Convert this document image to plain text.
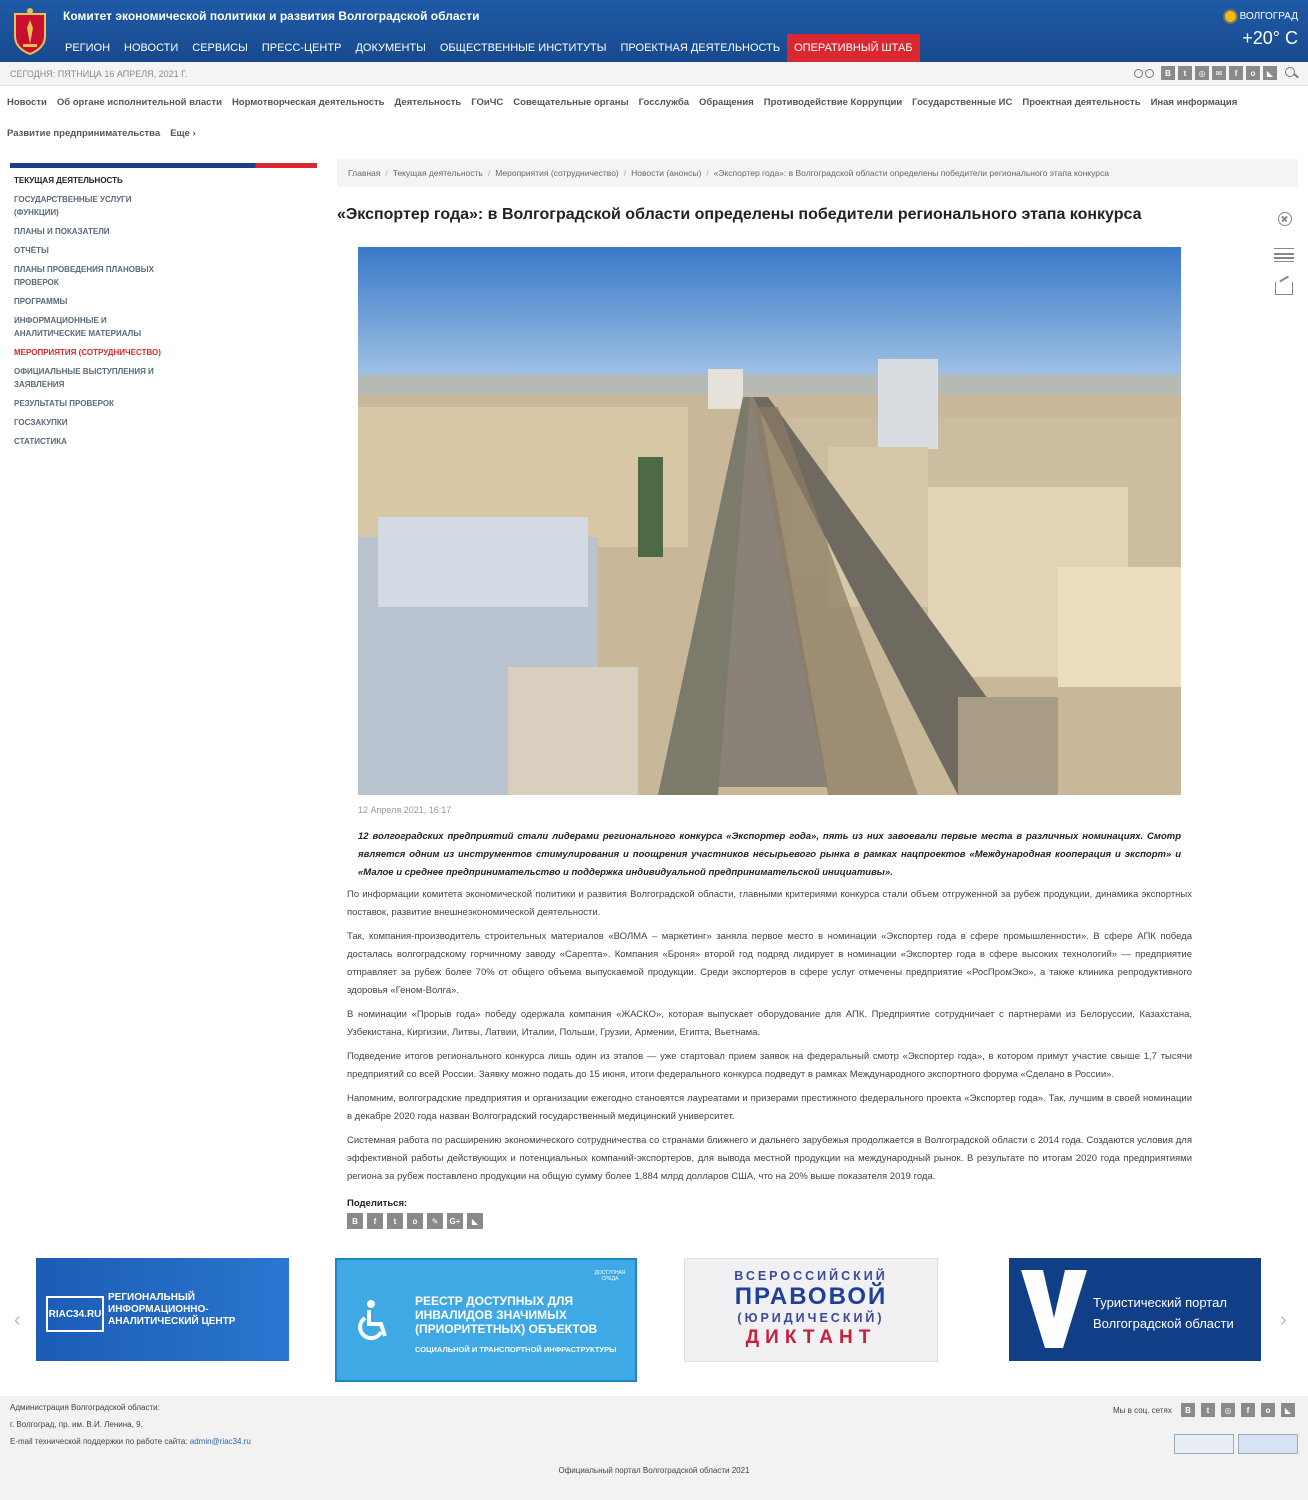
Комитет экономической политики и развития Волгоградской области
РЕГИОН	НОВОСТИ	СЕРВИСЫ	ПРЕСС-ЦЕНТР	ДОКУМЕНТЫ	ОБЩЕСТВЕННЫЕ ИНСТИТУТЫ	ПРОЕКТНАЯ ДЕЯТЕЛЬНОСТЬ	ОПЕРАТИВНЫЙ ШТАБ
ВОЛГОГРАД
+20° С
СЕГОДНЯ: ПЯТНИЦА 16 АПРЕЛЯ, 2021 Г.	В	t	◎	✉	f	о	◣
Новости Об органе исполнительной власти Нормотворческая деятельность Деятельность ГОиЧС Совещательные органы Госслужба Обращения Противодействие Коррупции Государственные ИС Проектная деятельность Иная информация
Развитие предпринимательства Еще ›
ТЕКУЩАЯ ДЕЯТЕЛЬНОСТЬ
ГОСУДАРСТВЕННЫЕ УСЛУГИ (ФУНКЦИИ)
ПЛАНЫ И ПОКАЗАТЕЛИ
ОТЧЁТЫ
ПЛАНЫ ПРОВЕДЕНИЯ ПЛАНОВЫХ ПРОВЕРОК
ПРОГРАММЫ
ИНФОРМАЦИОННЫЕ И АНАЛИТИЧЕСКИЕ МАТЕРИАЛЫ
МЕРОПРИЯТИЯ (СОТРУДНИЧЕСТВО)
ОФИЦИАЛЬНЫЕ ВЫСТУПЛЕНИЯ И ЗАЯВЛЕНИЯ
РЕЗУЛЬТАТЫ ПРОВЕРОК
ГОСЗАКУПКИ
СТАТИСТИКА
Главная / Текущая деятельность / Мероприятия (сотрудничество) / Новости (анонсы) / «Экспортер года»: в Волгоградской области определены победители регионального этапа конкурса
«Экспортер года»: в Волгоградской области определены победители регионального этапа конкурса
12 Апреля 2021, 16:17
12 волгоградских предприятий стали лидерами регионального конкурса «Экспортер года», пять из них завоевали первые места в различных номинациях. Смотр является одним из инструментов стимулирования и поощрения участников несырьевого рынка в рамках нацпроектов «Международная кооперация и экспорт» и «Малое и среднее предпринимательство и поддержка индивидуальной предпринимательской инициативы».

По информации комитета экономической политики и развития Волгоградской области, главными критериями конкурса стали объем отгруженной за рубеж продукции, динамика экспортных поставок, развитие внешнеэкономической деятельности.

Так, компания-производитель строительных материалов «ВОЛМА – маркетинг» заняла первое место в номинации «Экспортер года в сфере промышленности». В сфере АПК победа досталась волгоградскому горчичному заводу «Сарепта». Компания «Броня» второй год подряд лидирует в номинации «Экспортер года в сфере высоких технологий» — предприятие отправляет за рубеж более 70% от общего объема выпускаемой продукции. Среди экспортеров в сфере услуг отмечены предприятие «РосПромЭко», а также клиника репродуктивного здоровья «Геном-Волга».

В номинации «Прорыв года» победу одержала компания «ЖАСКО», которая выпускает оборудование для АПК. Предприятие сотрудничает с партнерами из Белоруссии, Казахстана, Узбекистана, Киргизии, Литвы, Латвии, Италии, Польши, Грузии, Армении, Египта, Вьетнама.

Подведение итогов регионального конкурса лишь один из этапов — уже стартовал прием заявок на федеральный смотр «Экспортер года», в котором примут участие свыше 1,7 тысячи предприятий со всей России. Заявку можно подать до 15 июня, итоги федерального конкурса подведут в рамках Международного экспортного форума «Сделано в России».

Напомним, волгоградские предприятия и организации ежегодно становятся лауреатами и призерами престижного федерального проекта «Экспортер года». Так, лучшим в своей номинации в декабре 2020 года назван Волгоградский государственный медицинский университет.

Системная работа по расширению экономического сотрудничества со странами ближнего и дальнего зарубежья продолжается в Волгоградской области с 2014 года. Создаются условия для эффективной работы действующих и потенциальных компаний-экспортеров, для вывода местной продукции на международный рынок. В результате по итогам 2020 года предприятиями региона за рубеж поставлено продукции на общую сумму более 1,884 млрд долларов США, что на 20% выше показателя 2019 года.

Поделиться:
В	f	t	о	✎	G+	◣
‹	RIAC34.RU
РЕГИОНАЛЬНЫЙ ИНФОРМАЦИОННО-АНАЛИТИЧЕСКИЙ ЦЕНТР
ДОСТУПНАЯ СРЕДА
РЕЕСТР ДОСТУПНЫХ ДЛЯ ИНВАЛИДОВ ЗНАЧИМЫХ (ПРИОРИТЕТНЫХ) ОБЪЕКТОВ
СОЦИАЛЬНОЙ И ТРАНСПОРТНОЙ ИНФРАСТРУКТУРЫ
ВСЕРОССИЙСКИЙ
ПРАВОВОЙ
(ЮРИДИЧЕСКИЙ)
ДИКТАНТ
Туристический портал Волгоградской области	›
Администрация Волгоградской области:
г. Волгоград, пр. им. В.И. Ленина, 9.
E-mail технической поддержки по работе сайта: admin@riac34.ru
Мы в соц. сетях	В	t	◎	f	о	◣
Официальный портал Волгоградской области 2021
